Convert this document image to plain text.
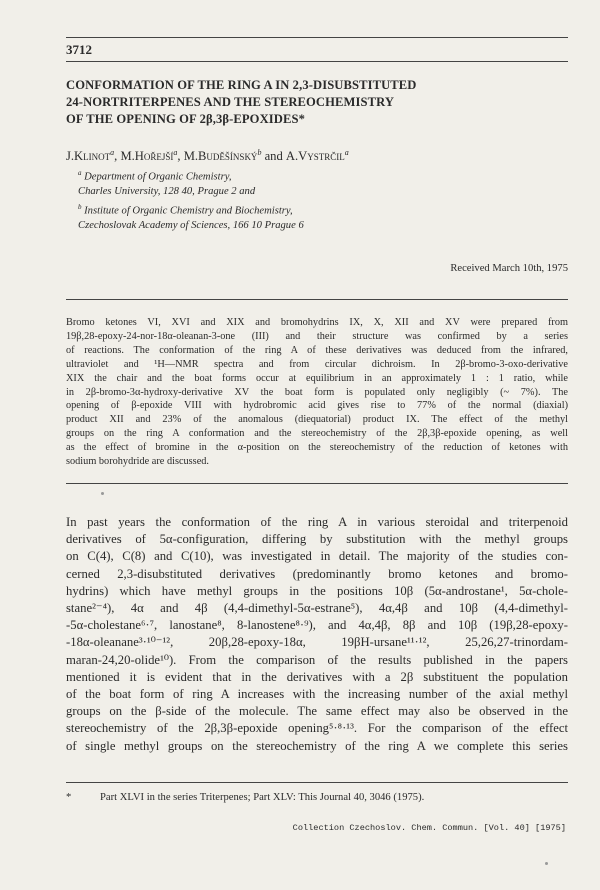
3712
CONFORMATION OF THE RING A IN 2,3-DISUBSTITUTED
24-NORTRITERPENES AND THE STEREOCHEMISTRY
OF THE OPENING OF 2β,3β-EPOXIDES*
J.Klinot$^a$, M.Hořejší$^a$, M.Buděšínský$^b$ and A.Vystrčil$^a$
$^a$ Department of Organic Chemistry,
Charles University, 128 40, Prague 2 and
$^b$ Institute of Organic Chemistry and Biochemistry,
Czechoslovak Academy of Sciences, 166 10 Prague 6
Received March 10th, 1975
Bromo ketones VI, XVI and XIX and bromohydrins IX, X, XII and XV were prepared from
19β,28-epoxy-24-nor-18α-oleanan-3-one (III) and their structure was confirmed by a series
of reactions. The conformation of the ring A of these derivatives was deduced from the infrared,
ultraviolet and ¹H—NMR spectra and from circular dichroism. In 2β-bromo-3-oxo-derivative
XIX the chair and the boat forms occur at equilibrium in an approximately 1 : 1 ratio, while
in 2β-bromo-3α-hydroxy-derivative XV the boat form is populated only negligibly (~ 7%). The
opening of β-epoxide VIII with hydrobromic acid gives rise to 77% of the normal (diaxial)
product XII and 23% of the anomalous (diequatorial) product IX. The effect of the methyl
groups on the ring A conformation and the stereochemistry of the 2β,3β-epoxide opening, as well
as the effect of bromine in the α-position on the stereochemistry of the reduction of ketones with
sodium borohydride are discussed.
In past years the conformation of the ring A in various steroidal and triterpenoid
derivatives of 5α-configuration, differing by substitution with the methyl groups
on C(4), C(8) and C(10), was investigated in detail. The majority of the studies con-
cerned 2,3-disubstituted derivatives (predominantly bromo ketones and bromo-
hydrins) which have methyl groups in the positions 10β (5α-androstane¹, 5α-chole-
stane²⁻⁴), 4α and 4β (4,4-dimethyl-5α-estrane⁵), 4α,4β and 10β (4,4-dimethyl-
-5α-cholestane⁶·⁷, lanostane⁸, 8-lanostene⁸·⁹), and 4α,4β, 8β and 10β (19β,28-epoxy-
-18α-oleanane³·¹⁰⁻¹², 20β,28-epoxy-18α, 19βH-ursane¹¹·¹², 25,26,27-trinordam-
maran-24,20-olide¹⁰). From the comparison of the results published in the papers
mentioned it is evident that in the derivatives with a 2β substituent the population
of the boat form of ring A increases with the increasing number of the axial methyl
groups on the β-side of the molecule. The same effect may also be observed in the
stereochemistry of the 2β,3β-epoxide opening⁵·⁸·¹³. For the comparison of the effect
of single methyl groups on the stereochemistry of the ring A we complete this series
*	Part XLVI in the series Triterpenes; Part XLV: This Journal 40, 3046 (1975).
Collection Czechoslov. Chem. Commun. [Vol. 40] [1975]
